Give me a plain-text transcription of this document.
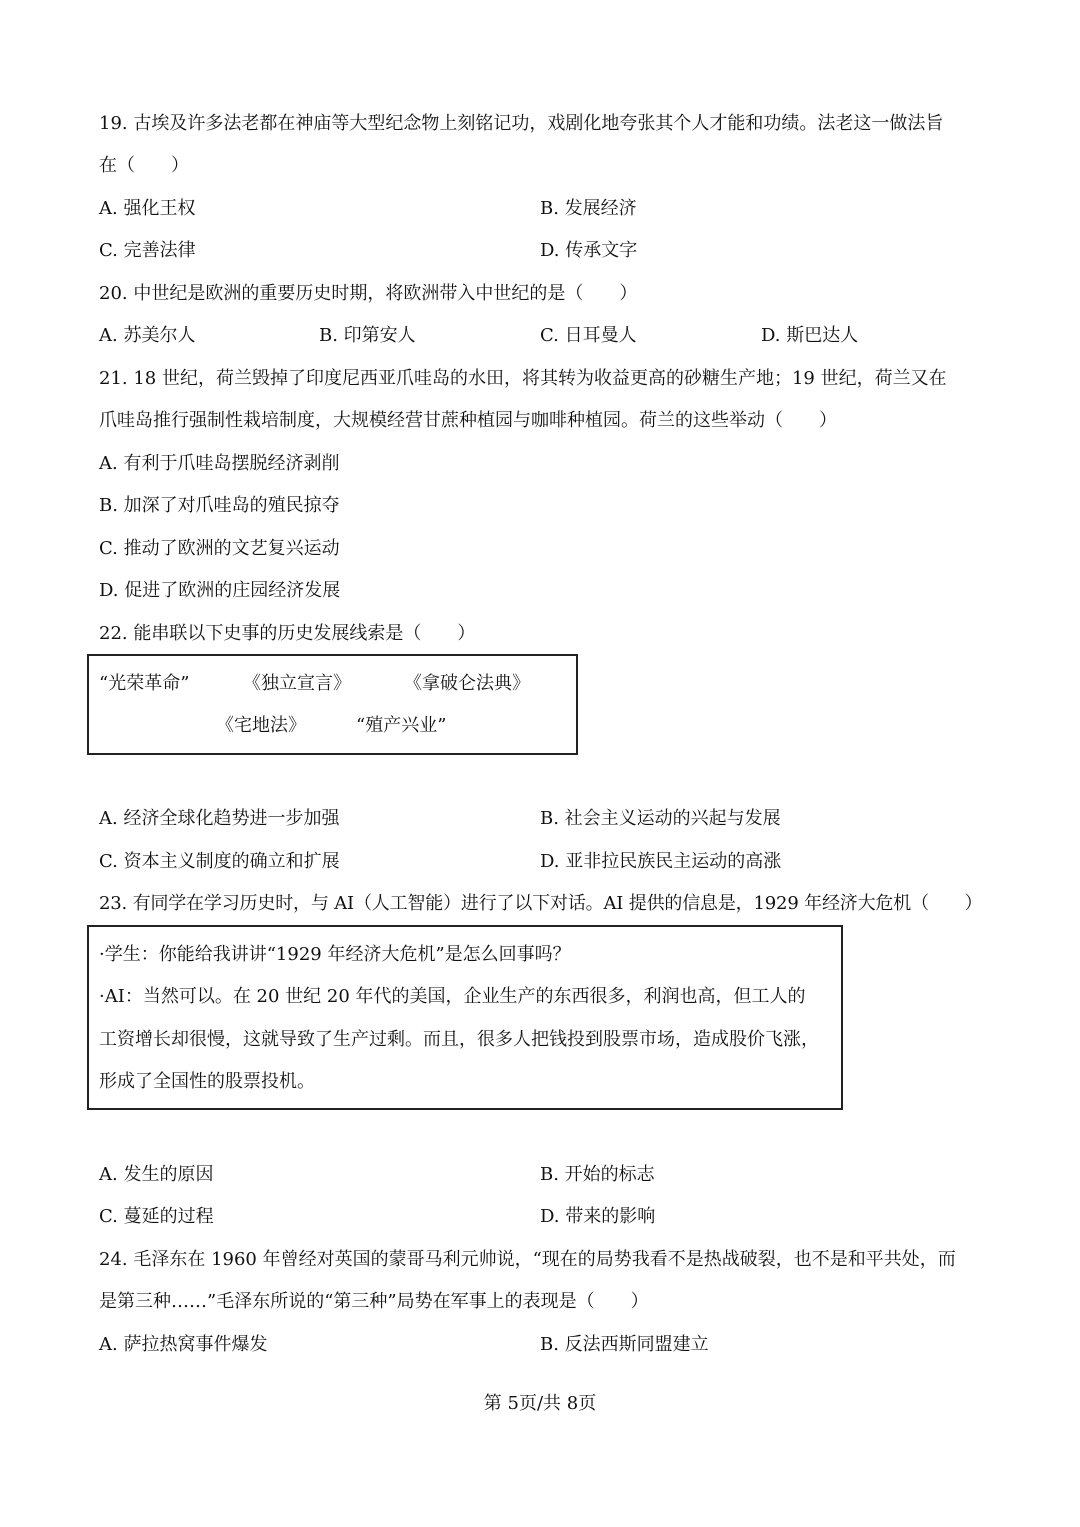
19. 古埃及许多法老都在神庙等大型纪念物上刻铭记功，戏剧化地夸张其个人才能和功绩。法老这一做法旨
在（　　）
A. 强化王权	B. 发展经济
C. 完善法律	D. 传承文字
20. 中世纪是欧洲的重要历史时期，将欧洲带入中世纪的是（　　）
A. 苏美尔人	B. 印第安人	C. 日耳曼人	D. 斯巴达人
21. 18 世纪，荷兰毁掉了印度尼西亚爪哇岛的水田，将其转为收益更高的砂糖生产地；19 世纪，荷兰又在
爪哇岛推行强制性栽培制度，大规模经营甘蔗种植园与咖啡种植园。荷兰的这些举动（　　）
A. 有利于爪哇岛摆脱经济剥削
B. 加深了对爪哇岛的殖民掠夺
C. 推动了欧洲的文艺复兴运动
D. 促进了欧洲的庄园经济发展
22. 能串联以下史事的历史发展线索是（　　）
“光荣革命”	《独立宣言》	《拿破仑法典》
《宅地法》	“殖产兴业”
A. 经济全球化趋势进一步加强	B. 社会主义运动的兴起与发展
C. 资本主义制度的确立和扩展	D. 亚非拉民族民主运动的高涨
23. 有同学在学习历史时，与 AI（人工智能）进行了以下对话。AI 提供的信息是，1929 年经济大危机（　　）
·学生：你能给我讲讲“1929 年经济大危机”是怎么回事吗？
·AI：当然可以。在 20 世纪 20 年代的美国，企业生产的东西很多，利润也高，但工人的
工资增长却很慢，这就导致了生产过剩。而且，很多人把钱投到股票市场，造成股价飞涨，
形成了全国性的股票投机。
A. 发生的原因	B. 开始的标志
C. 蔓延的过程	D. 带来的影响
24. 毛泽东在 1960 年曾经对英国的蒙哥马利元帅说，“现在的局势我看不是热战破裂，也不是和平共处，而
是第三种……”毛泽东所说的“第三种”局势在军事上的表现是（　　）
A. 萨拉热窝事件爆发	B. 反法西斯同盟建立
第 5页/共 8页
